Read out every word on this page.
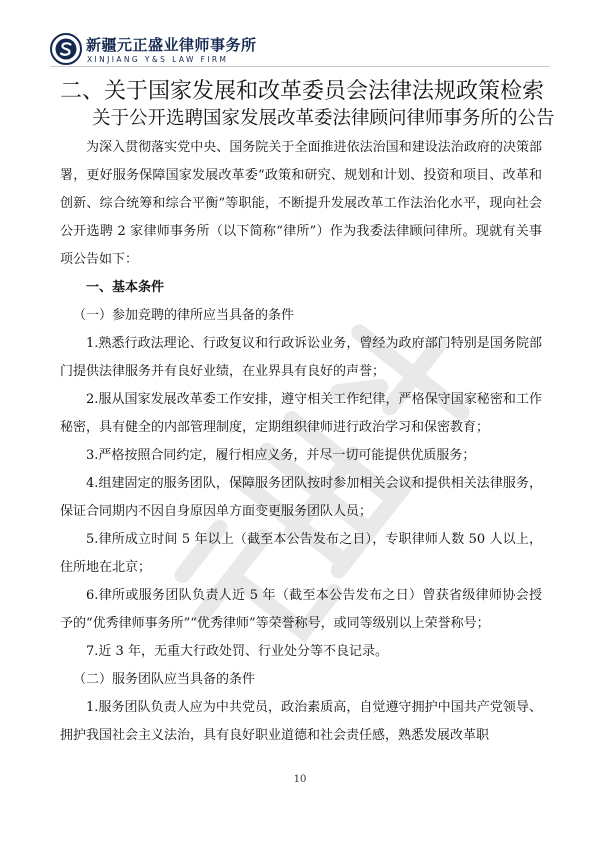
新疆元正盛业律师事务所
XINJIANG Y&S LAW FIRM
二、关于国家发展和改革委员会法律法规政策检索
关于公开选聘国家发展改革委法律顾问律师事务所的公告

为深入贯彻落实党中央、国务院关于全面推进依法治国和建设法治政府的决策部署，更好服务保障国家发展改革委“政策和研究、规划和计划、投资和项目、改革和创新、综合统筹和综合平衡”等职能，不断提升发展改革工作法治化水平，现向社会公开选聘 2 家律师事务所（以下简称“律所”）作为我委法律顾问律所。现就有关事项公告如下：

一、基本条件

（一）参加竞聘的律所应当具备的条件

1.熟悉行政法理论、行政复议和行政诉讼业务，曾经为政府部门特别是国务院部门提供法律服务并有良好业绩，在业界具有良好的声誉；

2.服从国家发展改革委工作安排，遵守相关工作纪律，严格保守国家秘密和工作秘密，具有健全的内部管理制度，定期组织律师进行政治学习和保密教育；

3.严格按照合同约定，履行相应义务，并尽一切可能提供优质服务；

4.组建固定的服务团队，保障服务团队按时参加相关会议和提供相关法律服务，保证合同期内不因自身原因单方面变更服务团队人员；

5.律所成立时间 5 年以上（截至本公告发布之日），专职律师人数 50 人以上，住所地在北京；

6.律所或服务团队负责人近 5 年（截至本公告发布之日）曾获省级律师协会授予的“优秀律师事务所”“优秀律师”等荣誉称号，或同等级别以上荣誉称号；

7.近 3 年，无重大行政处罚、行业处分等不良记录。

（二）服务团队应当具备的条件

1.服务团队负责人应为中共党员，政治素质高，自觉遵守拥护中国共产党领导、拥护我国社会主义法治，具有良好职业道德和社会责任感，熟悉发展改革职

10
